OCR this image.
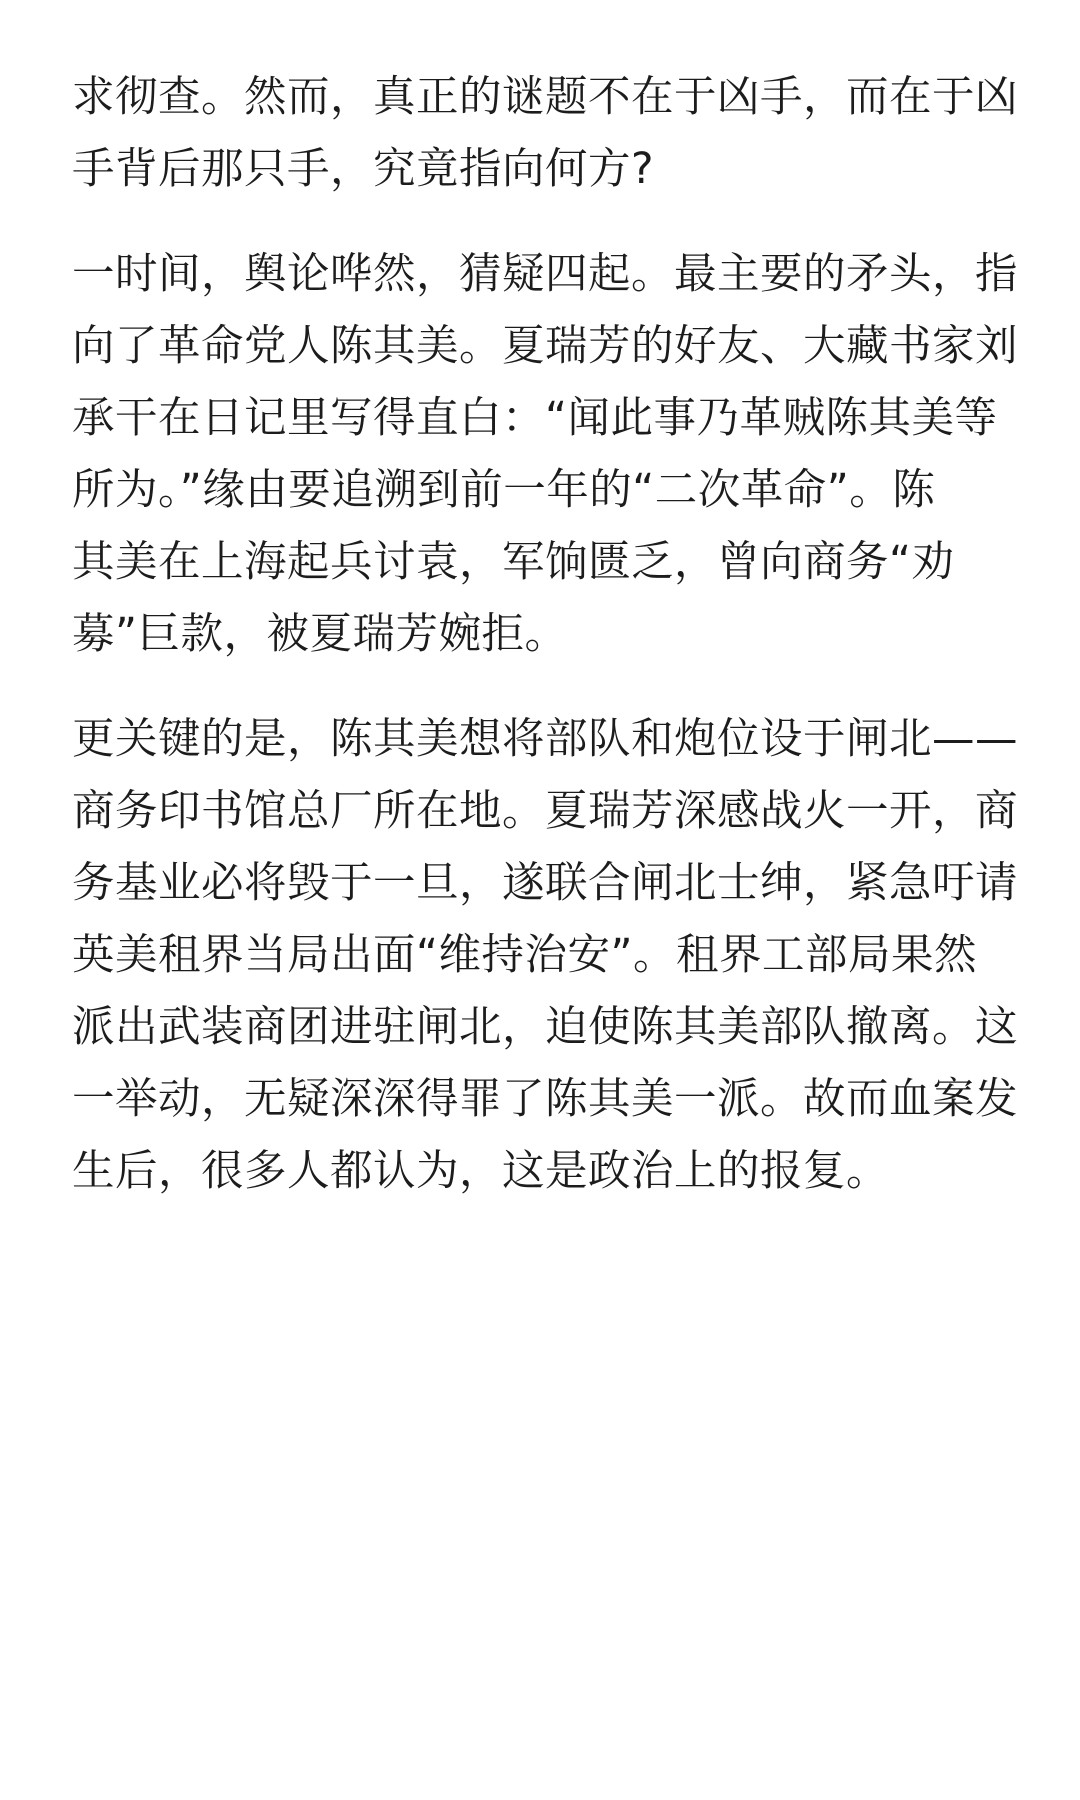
求彻查。然而，真正的谜题不在于凶手，而在于凶
手背后那只手，究竟指向何方?

一时间，舆论哗然，猜疑四起。最主要的矛头，指
向了革命党人陈其美。夏瑞芳的好友、大藏书家刘
承干在日记里写得直白：“闻此事乃革贼陈其美等
所为。”缘由要追溯到前一年的“二次革命”。陈
其美在上海起兵讨袁，军饷匮乏，曾向商务“劝
募”巨款，被夏瑞芳婉拒。

更关键的是，陈其美想将部队和炮位设于闸北——
商务印书馆总厂所在地。夏瑞芳深感战火一开，商
务基业必将毁于一旦，遂联合闸北士绅，紧急吁请
英美租界当局出面“维持治安”。租界工部局果然
派出武装商团进驻闸北，迫使陈其美部队撤离。这
一举动，无疑深深得罪了陈其美一派。故而血案发
生后，很多人都认为，这是政治上的报复。
